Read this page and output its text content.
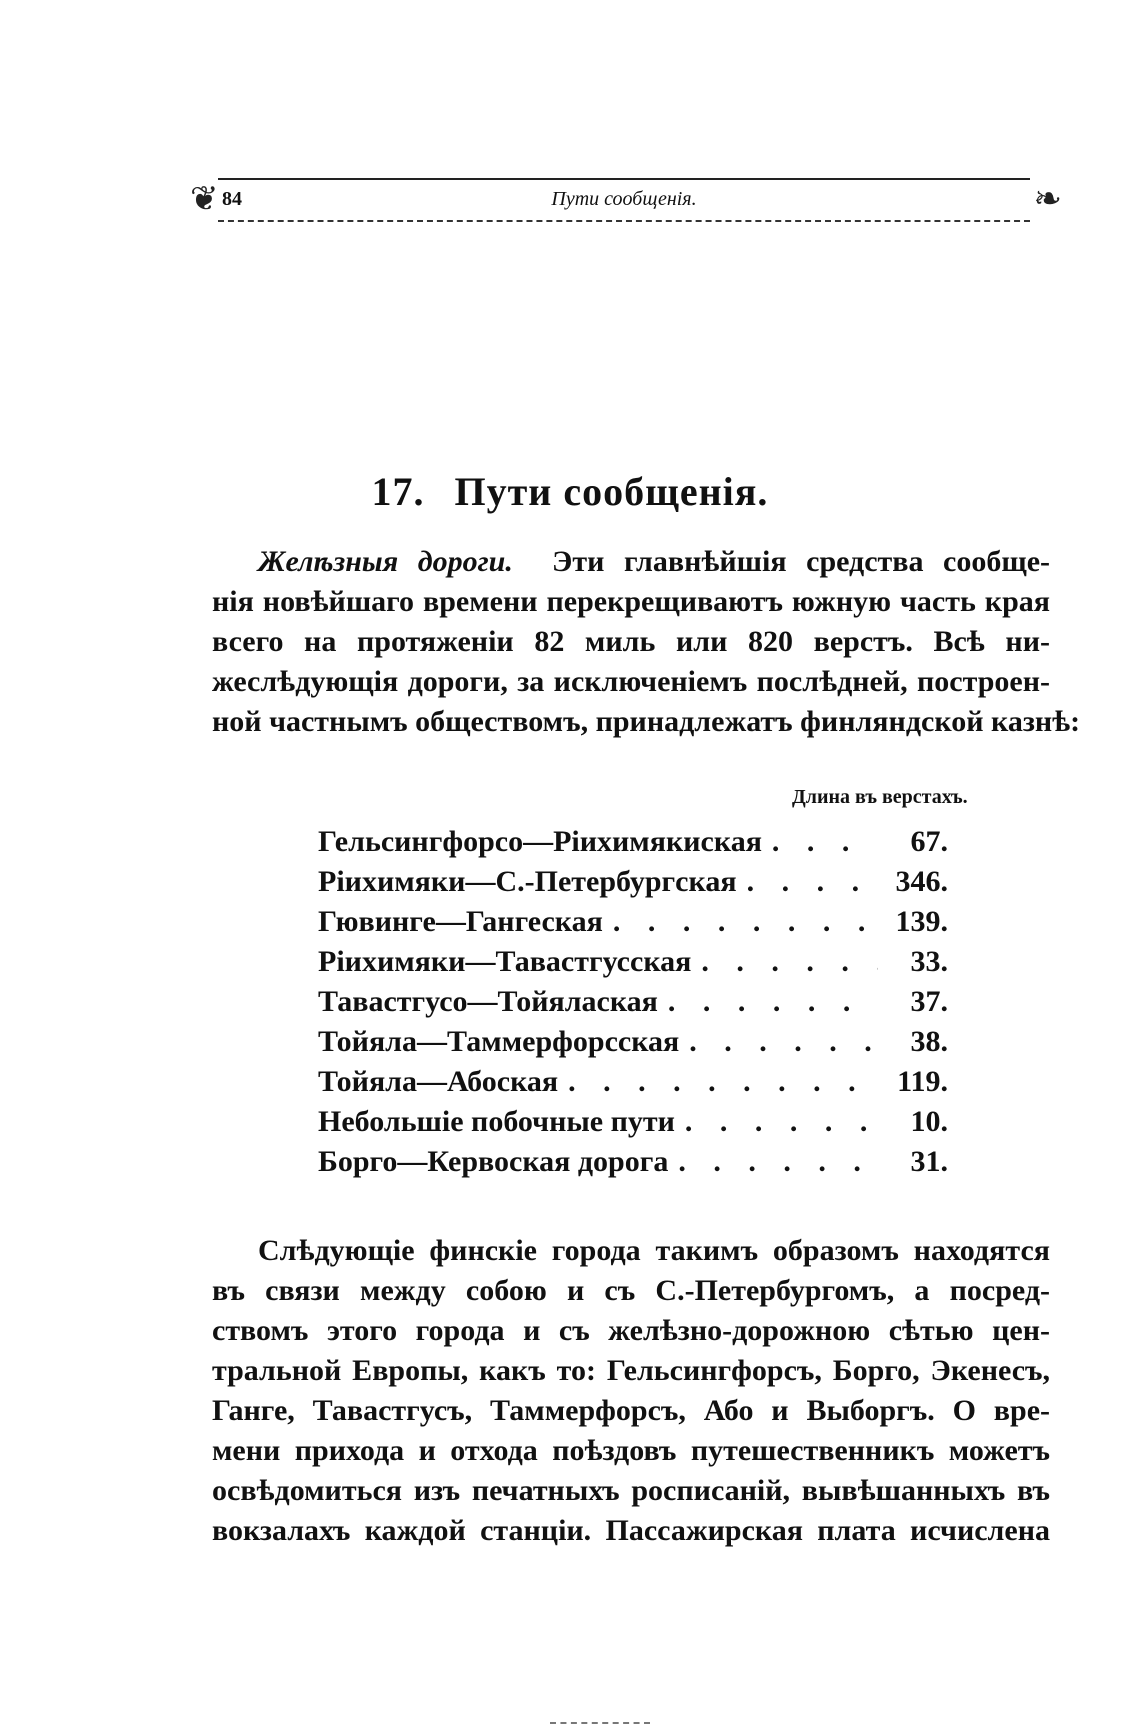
❦	❧
84	Пути сообщенія.
17. Пути сообщенія.
Желѣзныя дороги. Эти главнѣйшія средства сообще-
нія новѣйшаго времени перекрещиваютъ южную часть края
всего на протяженіи 82 миль или 820 верстъ. Всѣ ни-
жеслѣдующія дороги, за исключеніемъ послѣдней, построен-
ной частнымъ обществомъ, принадлежатъ финляндской казнѣ:
Длина въ верстахъ.
Гельсингфорсо—Ріихимякиская . . .	67.
Ріихимяки—С.-Петербургская . . .	346.
Гювинге—Гангеская . . .	139.
Ріихимяки—Тавастгусская . . .	33.
Тавастгусо—Тойялаская . . .	37.
Тойяла—Таммерфорсская . . .	38.
Тойяла—Абоская . . .	119.
Небольшіе побочные пути . . .	10.
Борго—Кервоская дорога . . .	31.
Слѣдующіе финскіе города такимъ образомъ находятся
въ связи между собою и съ С.-Петербургомъ, а посред-
ствомъ этого города и съ желѣзно-дорожною сѣтью цен-
тральной Европы, какъ то: Гельсингфорсъ, Борго, Экенесъ,
Ганге, Тавастгусъ, Таммерфорсъ, Або и Выборгъ. О вре-
мени прихода и отхода поѣздовъ путешественникъ можетъ
освѣдомиться изъ печатныхъ росписаній, вывѣшанныхъ въ
вокзалахъ каждой станціи. Пассажирская плата исчислена
